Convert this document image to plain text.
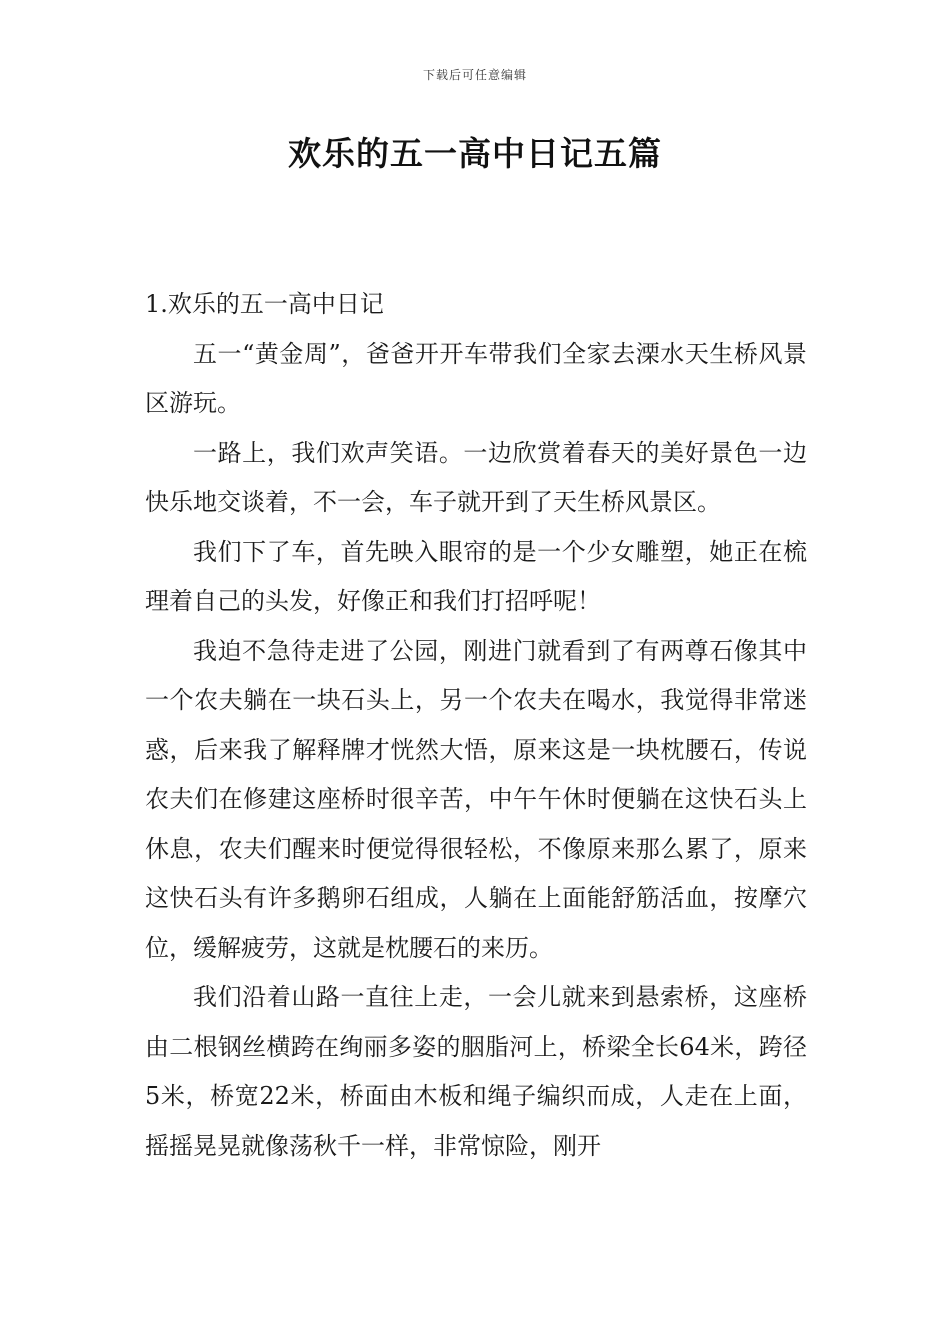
下载后可任意编辑
欢乐的五一高中日记五篇

1.欢乐的五一高中日记

五一“黄金周”，爸爸开开车带我们全家去溧水天生桥风景区游玩。

一路上，我们欢声笑语。一边欣赏着春天的美好景色一边快乐地交谈着，不一会，车子就开到了天生桥风景区。

我们下了车，首先映入眼帘的是一个少女雕塑，她正在梳理着自己的头发，好像正和我们打招呼呢！

我迫不急待走进了公园，刚进门就看到了有两尊石像其中一个农夫躺在一块石头上，另一个农夫在喝水，我觉得非常迷惑，后来我了解释牌才恍然大悟，原来这是一块枕腰石，传说农夫们在修建这座桥时很辛苦，中午午休时便躺在这快石头上休息，农夫们醒来时便觉得很轻松，不像原来那么累了，原来这快石头有许多鹅卵石组成，人躺在上面能舒筋活血，按摩穴位，缓解疲劳，这就是枕腰石的来历。

我们沿着山路一直往上走，一会儿就来到悬索桥，这座桥由二根钢丝横跨在绚丽多姿的胭脂河上，桥梁全长64米，跨径5米，桥宽22米，桥面由木板和绳子编织而成，人走在上面，摇摇晃晃就像荡秋千一样，非常惊险，刚开
